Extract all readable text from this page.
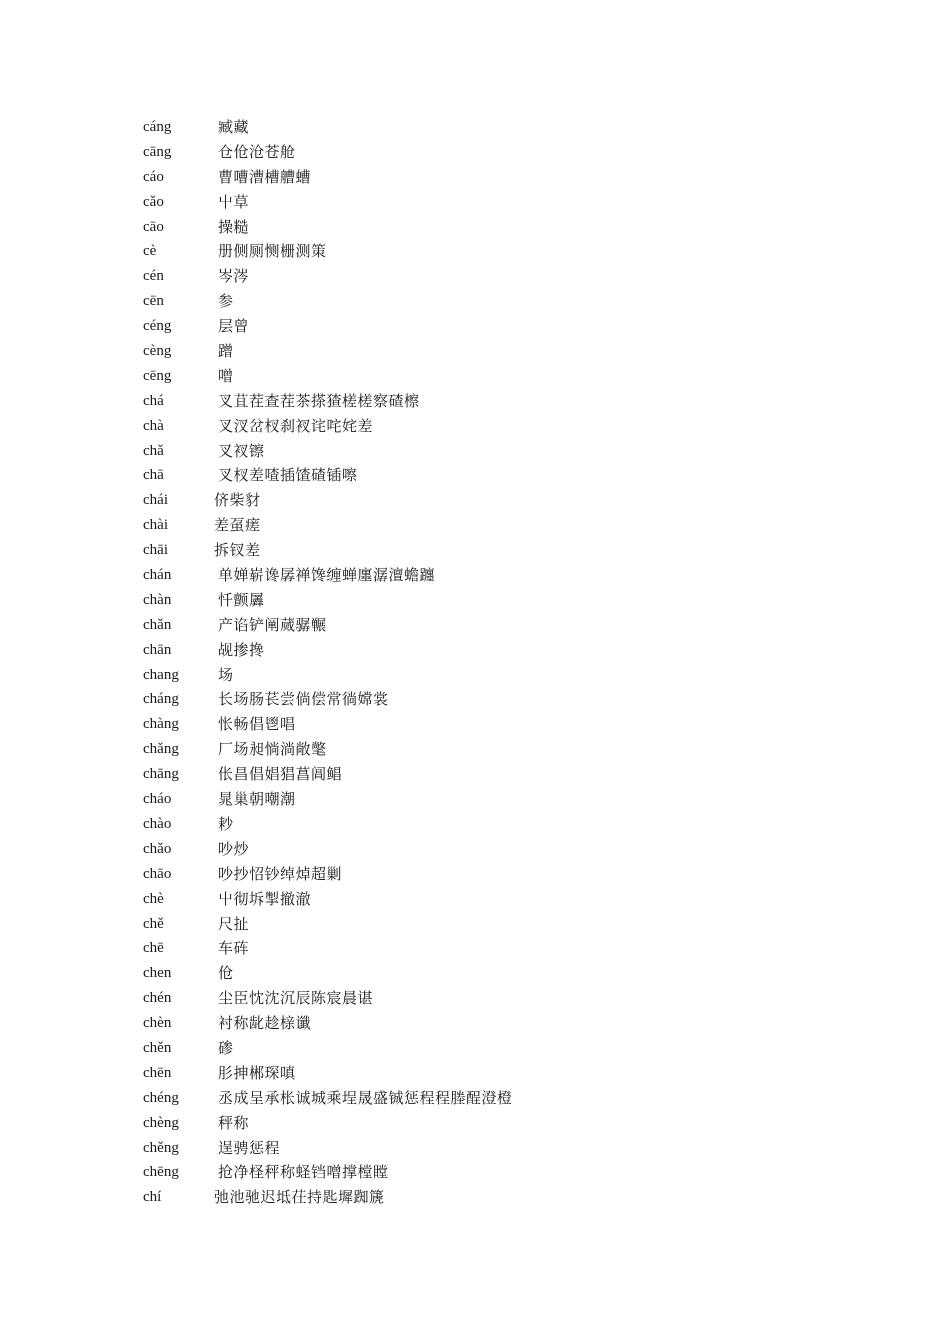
cáng	臧藏
cāng	仓伧沧苍舱
cáo	曹嘈漕槽艚螬
cǎo	屮草
cāo	操糙
cè	册侧厕恻栅测策
cén	岑涔
cēn	参
céng	层曾
cèng	蹭
cēng	噌
chá	叉苴茬查茬茶搽猹槎槎察碴檫
chà	叉汊岔杈刹衩诧咤姹差
chǎ	叉衩镲
chā	叉杈差喳插馇碴锸嚓
chái	侪柴豺
chài	差虿瘥
chāi	拆钗差
chán	单婵崭谗孱禅馋缠蝉廛潺澶蟾躔
chàn	忏颤羼
chǎn	产谄铲阐蒇骣冁
chān	觇掺搀
chang	场
cháng	长场肠苌尝倘偿常徜嫦裳
chàng	怅畅倡鬯唱
chǎng	厂场昶惝淌敞氅
chāng	伥昌倡娼猖菖阊鲳
cháo	晁巢朝嘲潮
chào	耖
chǎo	吵炒
chāo	吵抄怊钞绰焯超剿
chè	屮彻坼掣撤澈
chě	尺扯
chē	车砗
chen	伧
chén	尘臣忱沈沉辰陈宸晨谌
chèn	衬称龀趁榇谶
chěn	碜
chēn	肜抻郴琛嗔
chéng	丞成呈承枨诚城乘埕晟盛铖惩程程塍酲澄橙
chèng	秤称
chěng	逞骋惩程
chēng	抢净柽秤称蛏铛噌撑樘瞠
chí	弛池驰迟坻茌持匙墀踟篪
